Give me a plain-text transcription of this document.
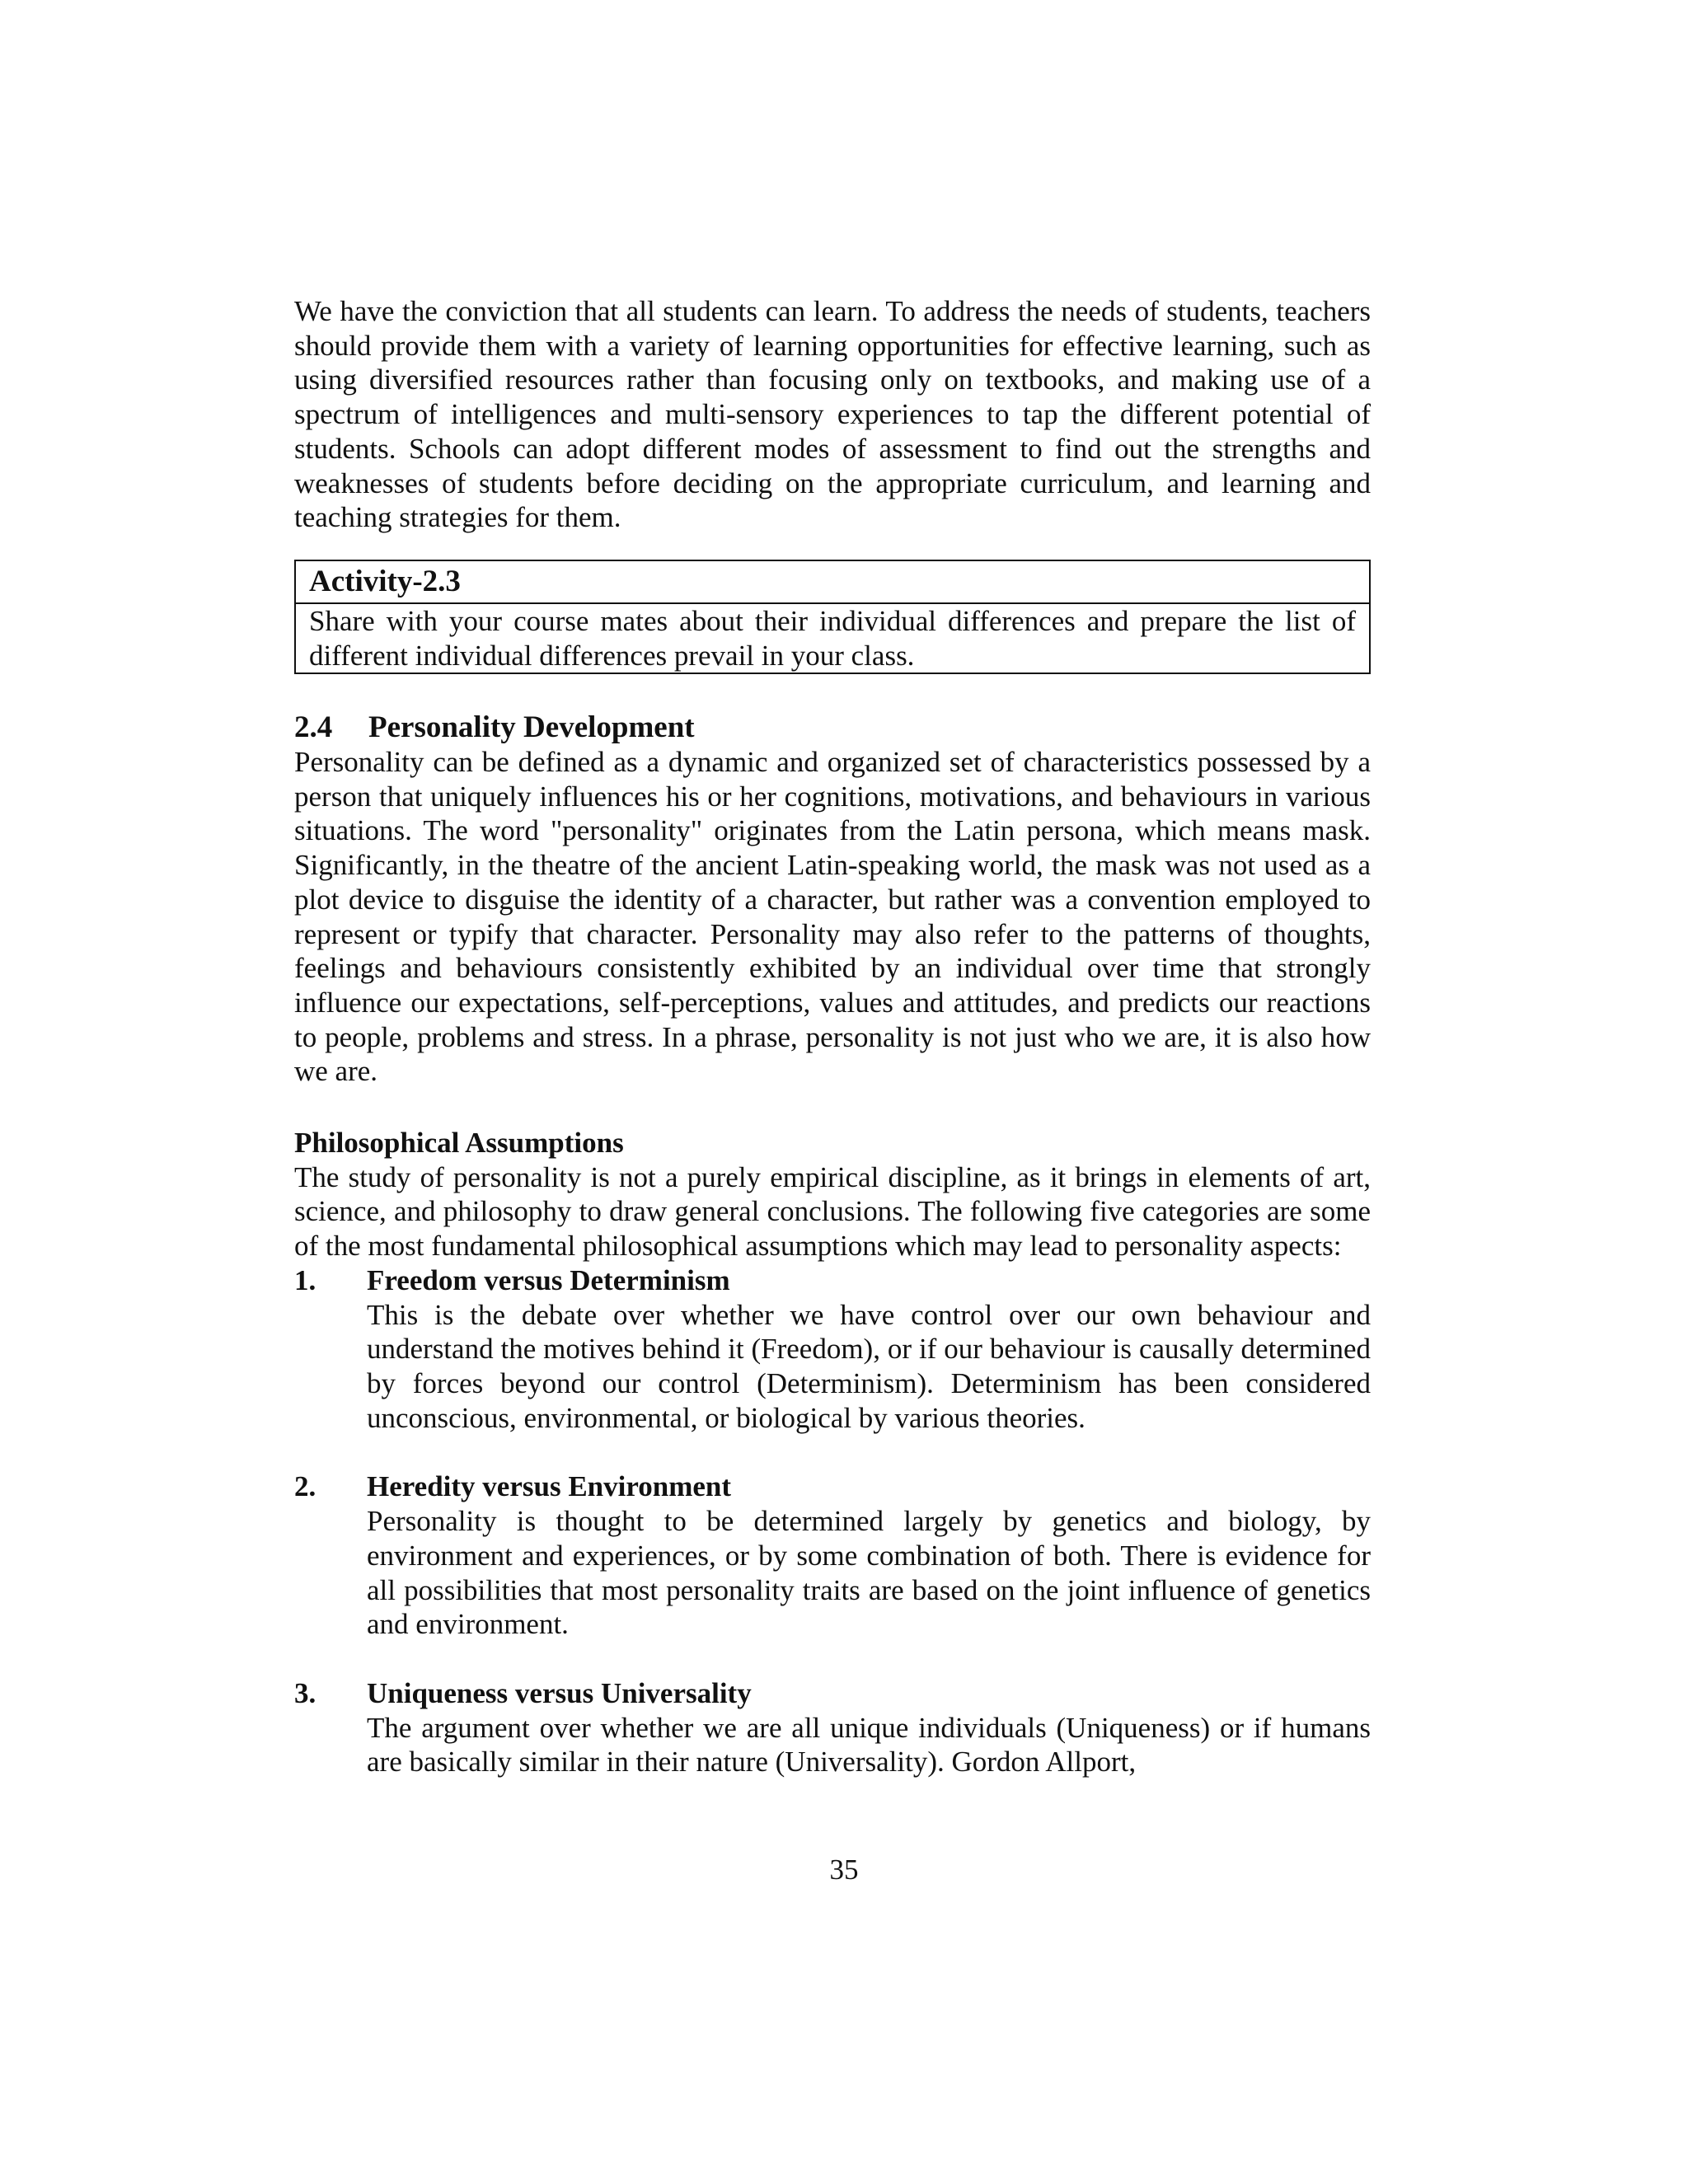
We have the conviction that all students can learn. To address the needs of students, teachers should provide them with a variety of learning opportunities for effective learning, such as using diversified resources rather than focusing only on textbooks, and making use of a spectrum of intelligences and multi-sensory experiences to tap the different potential of students. Schools can adopt different modes of assessment to find out the strengths and weaknesses of students before deciding on the appropriate curriculum, and learning and teaching strategies for them.

Activity-2.3

Share with your course mates about their individual differences and prepare the list of different individual differences prevail in your class.

2.4 Personality Development

Personality can be defined as a dynamic and organized set of characteristics possessed by a person that uniquely influences his or her cognitions, motivations, and behaviours in various situations. The word "personality" originates from the Latin persona, which means mask. Significantly, in the theatre of the ancient Latin-speaking world, the mask was not used as a plot device to disguise the identity of a character, but rather was a convention employed to represent or typify that character. Personality may also refer to the patterns of thoughts, feelings and behaviours consistently exhibited by an individual over time that strongly influence our expectations, self-perceptions, values and attitudes, and predicts our reactions to people, problems and stress. In a phrase, personality is not just who we are, it is also how we are.

Philosophical Assumptions

The study of personality is not a purely empirical discipline, as it brings in elements of art, science, and philosophy to draw general conclusions. The following five categories are some of the most fundamental philosophical assumptions which may lead to personality aspects:

1. Freedom versus Determinism

This is the debate over whether we have control over our own behaviour and understand the motives behind it (Freedom), or if our behaviour is causally determined by forces beyond our control (Determinism). Determinism has been considered unconscious, environmental, or biological by various theories.

2. Heredity versus Environment

Personality is thought to be determined largely by genetics and biology, by environment and experiences, or by some combination of both. There is evidence for all possibilities that most personality traits are based on the joint influence of genetics and environment.

3. Uniqueness versus Universality

The argument over whether we are all unique individuals (Uniqueness) or if humans are basically similar in their nature (Universality). Gordon Allport,

35
